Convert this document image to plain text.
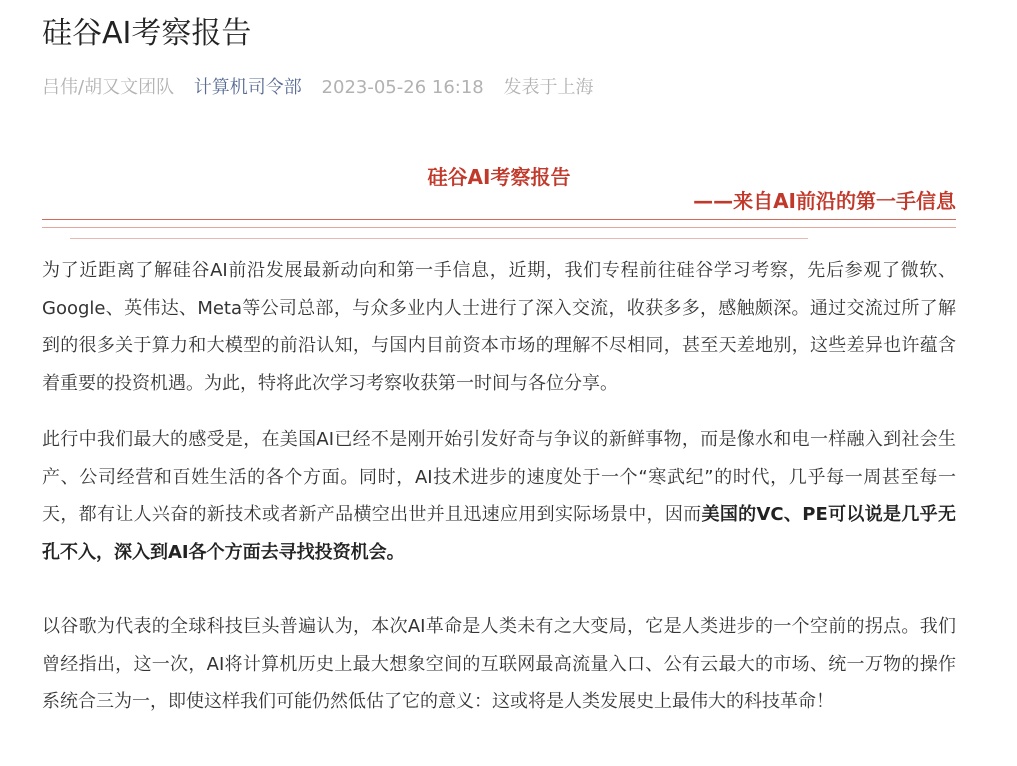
硅谷AI考察报告
吕伟/胡又文团队 计算机司令部 2023-05-26 16:18 发表于上海
硅谷AI考察报告
——来自AI前沿的第一手信息

为了近距离了解硅谷AI前沿发展最新动向和第一手信息，近期，我们专程前往硅谷学习考察，先后参观了微软、Google、英伟达、Meta等公司总部，与众多业内人士进行了深入交流，收获多多，感触颇深。通过交流过所了解到的很多关于算力和大模型的前沿认知，与国内目前资本市场的理解不尽相同，甚至天差地别，这些差异也许蕴含着重要的投资机遇。为此，特将此次学习考察收获第一时间与各位分享。

此行中我们最大的感受是，在美国AI已经不是刚开始引发好奇与争议的新鲜事物，而是像水和电一样融入到社会生产、公司经营和百姓生活的各个方面。同时，AI技术进步的速度处于一个“寒武纪”的时代，几乎每一周甚至每一天，都有让人兴奋的新技术或者新产品横空出世并且迅速应用到实际场景中，因而美国的VC、PE可以说是几乎无孔不入，深入到AI各个方面去寻找投资机会。

以谷歌为代表的全球科技巨头普遍认为，本次AI革命是人类未有之大变局，它是人类进步的一个空前的拐点。我们曾经指出，这一次，AI将计算机历史上最大想象空间的互联网最高流量入口、公有云最大的市场、统一万物的操作系统合三为一，即使这样我们可能仍然低估了它的意义：这或将是人类发展史上最伟大的科技革命！
